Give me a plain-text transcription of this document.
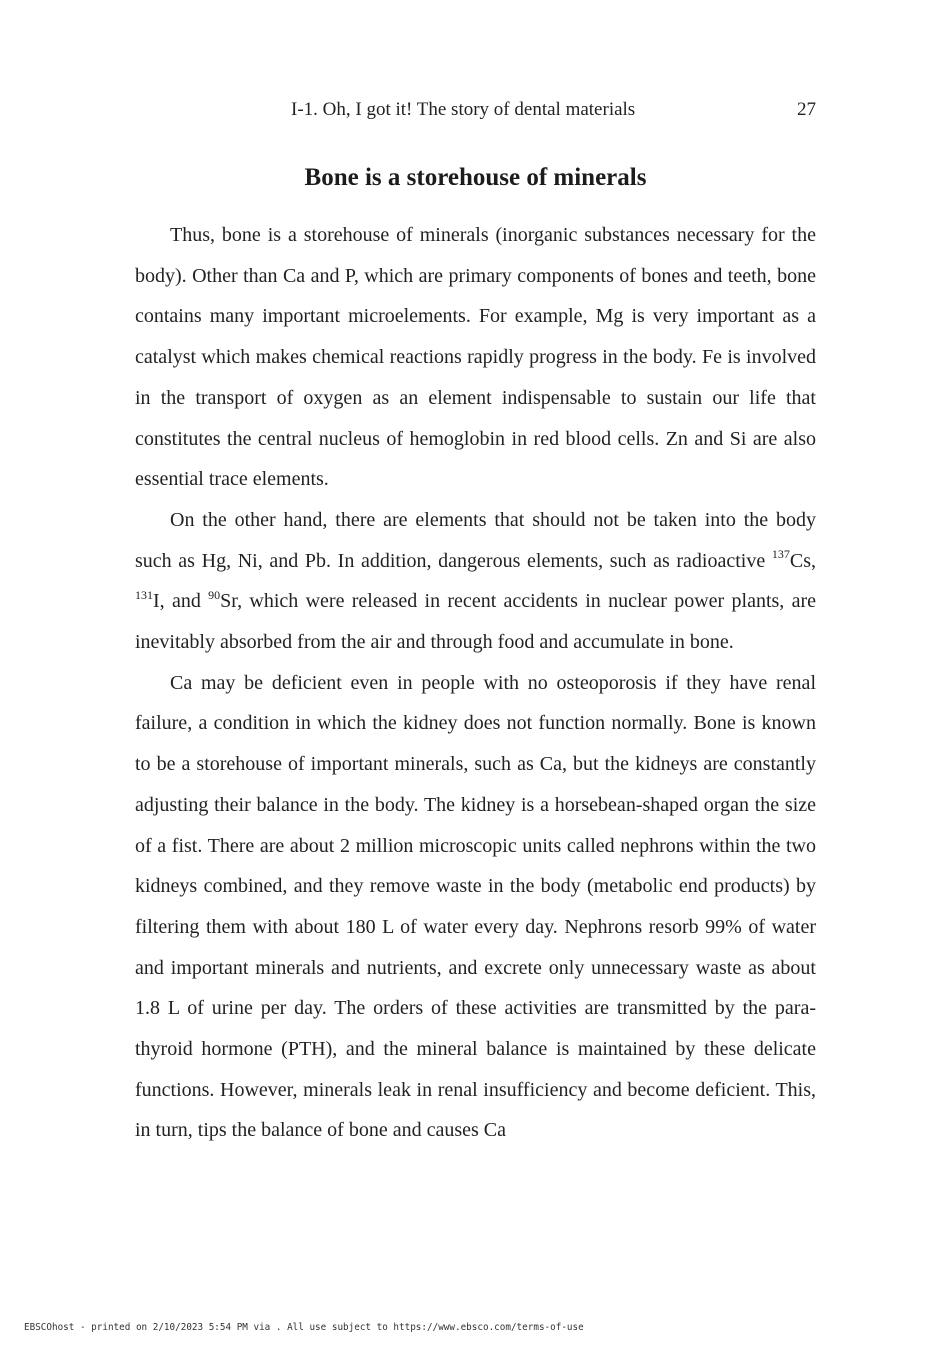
I-1. Oh, I got it! The story of dental materials	27
Bone is a storehouse of minerals

Thus, bone is a storehouse of minerals (inorganic substances necessary for the body). Other than Ca and P, which are primary components of bones and teeth, bone contains many important microelements. For example, Mg is very important as a catalyst which makes chemical reactions rapidly progress in the body. Fe is involved in the transport of oxygen as an element indispensable to sustain our life that constitutes the central nucleus of hemoglobin in red blood cells. Zn and Si are also essential trace elements.

On the other hand, there are elements that should not be taken into the body such as Hg, Ni, and Pb. In addition, dangerous elements, such as radioactive $^{137}$Cs, $^{131}$I, and $^{90}$Sr, which were released in recent accidents in nuclear power plants, are inevitably absorbed from the air and through food and accumulate in bone.

Ca may be deficient even in people with no osteoporosis if they have renal failure, a condition in which the kidney does not function normally. Bone is known to be a storehouse of important minerals, such as Ca, but the kidneys are constantly adjusting their balance in the body. The kidney is a horsebean-shaped organ the size of a fist. There are about 2 million microscopic units called nephrons within the two kidneys combined, and they remove waste in the body (metabolic end products) by filtering them with about 180 L of water every day. Nephrons resorb 99% of water and important minerals and nutrients, and excrete only unnecessary waste as about 1.8 L of urine per day. The orders of these activities are transmitted by the para-thyroid hormone (PTH), and the mineral balance is maintained by these delicate functions. However, minerals leak in renal insufficiency and become deficient. This, in turn, tips the balance of bone and causes Ca

EBSCOhost - printed on 2/10/2023 5:54 PM via . All use subject to https://www.ebsco.com/terms-of-use
